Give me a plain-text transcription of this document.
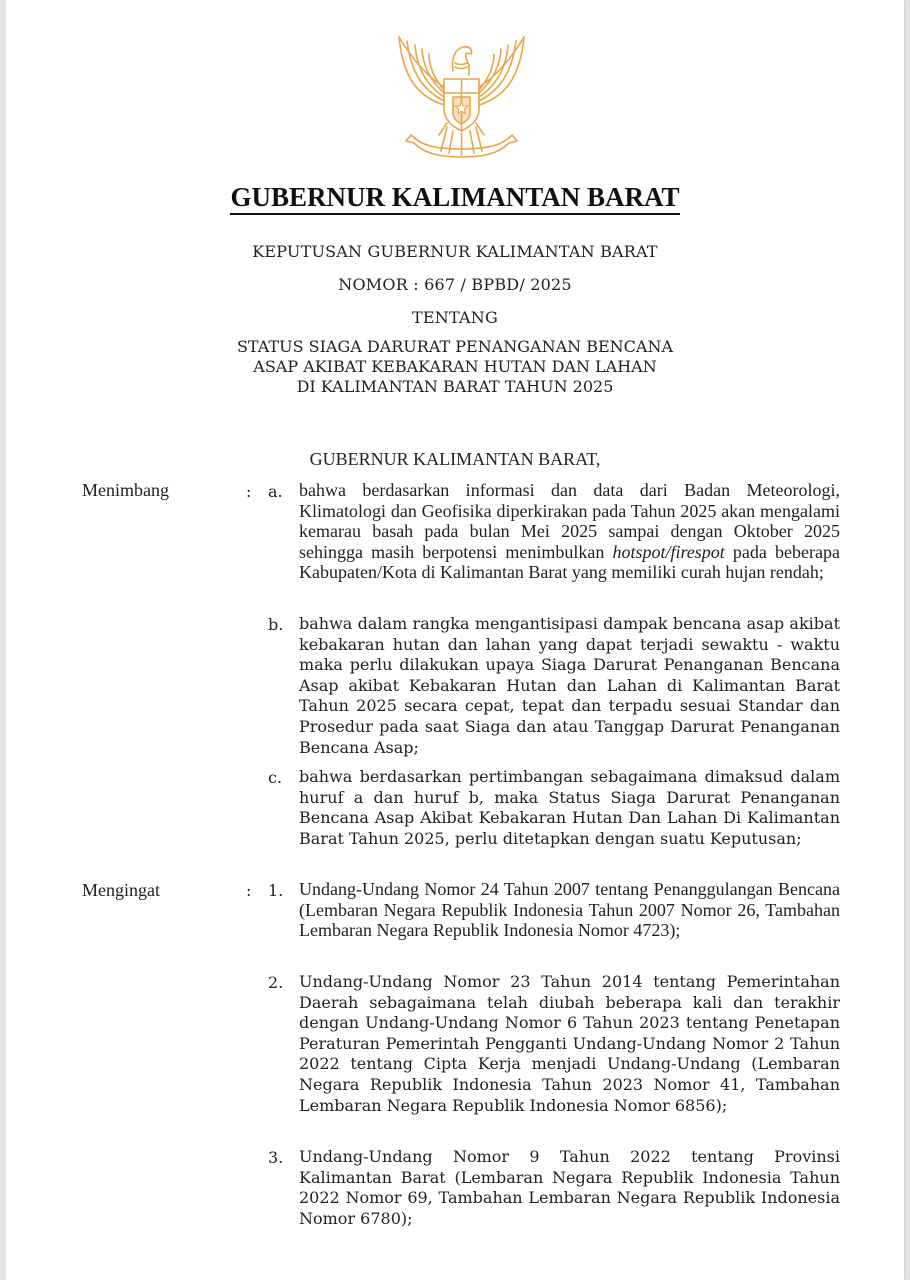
GUBERNUR KALIMANTAN BARAT
KEPUTUSAN GUBERNUR KALIMANTAN BARAT
NOMOR : 667 / BPBD/ 2025
TENTANG
STATUS SIAGA DARURAT PENANGANAN BENCANA
ASAP AKIBAT KEBAKARAN HUTAN DAN LAHAN
DI KALIMANTAN BARAT TAHUN 2025
GUBERNUR KALIMANTAN BARAT,
Menimbang	: a. bahwa berdasarkan informasi dan data dari Badan Meteorologi, Klimatologi dan Geofisika diperkirakan pada Tahun 2025 akan mengalami kemarau basah pada bulan Mei 2025 sampai dengan Oktober 2025 sehingga masih berpotensi menimbulkan hotspot/firespot pada beberapa Kabupaten/Kota di Kalimantan Barat yang memiliki curah hujan rendah;

b. bahwa dalam rangka mengantisipasi dampak bencana asap akibat kebakaran hutan dan lahan yang dapat terjadi sewaktu - waktu maka perlu dilakukan upaya Siaga Darurat Penanganan Bencana Asap akibat Kebakaran Hutan dan Lahan di Kalimantan Barat Tahun 2025 secara cepat, tepat dan terpadu sesuai Standar dan Prosedur pada saat Siaga dan atau Tanggap Darurat Penanganan Bencana Asap;

c.	bahwa berdasarkan pertimbangan sebagaimana dimaksud dalam huruf a dan huruf b, maka Status Siaga Darurat Penanganan Bencana Asap Akibat Kebakaran Hutan Dan Lahan Di Kalimantan Barat Tahun 2025, perlu ditetapkan dengan suatu Keputusan;

Mengingat	: 1. Undang-Undang Nomor 24 Tahun 2007 tentang Penanggulangan Bencana (Lembaran Negara Republik Indonesia Tahun 2007 Nomor 26, Tambahan Lembaran Negara Republik Indonesia Nomor 4723);

2. Undang-Undang Nomor 23 Tahun 2014 tentang Pemerintahan Daerah sebagaimana telah diubah beberapa kali dan terakhir dengan Undang-Undang Nomor 6 Tahun 2023 tentang Penetapan Peraturan Pemerintah Pengganti Undang-Undang Nomor 2 Tahun 2022 tentang Cipta Kerja menjadi Undang-Undang (Lembaran Negara Republik Indonesia Tahun 2023 Nomor 41, Tambahan Lembaran Negara Republik Indonesia Nomor 6856);

3. Undang-Undang Nomor 9 Tahun 2022 tentang Provinsi Kalimantan Barat (Lembaran Negara Republik Indonesia Tahun 2022 Nomor 69, Tambahan Lembaran Negara Republik Indonesia Nomor 6780);
